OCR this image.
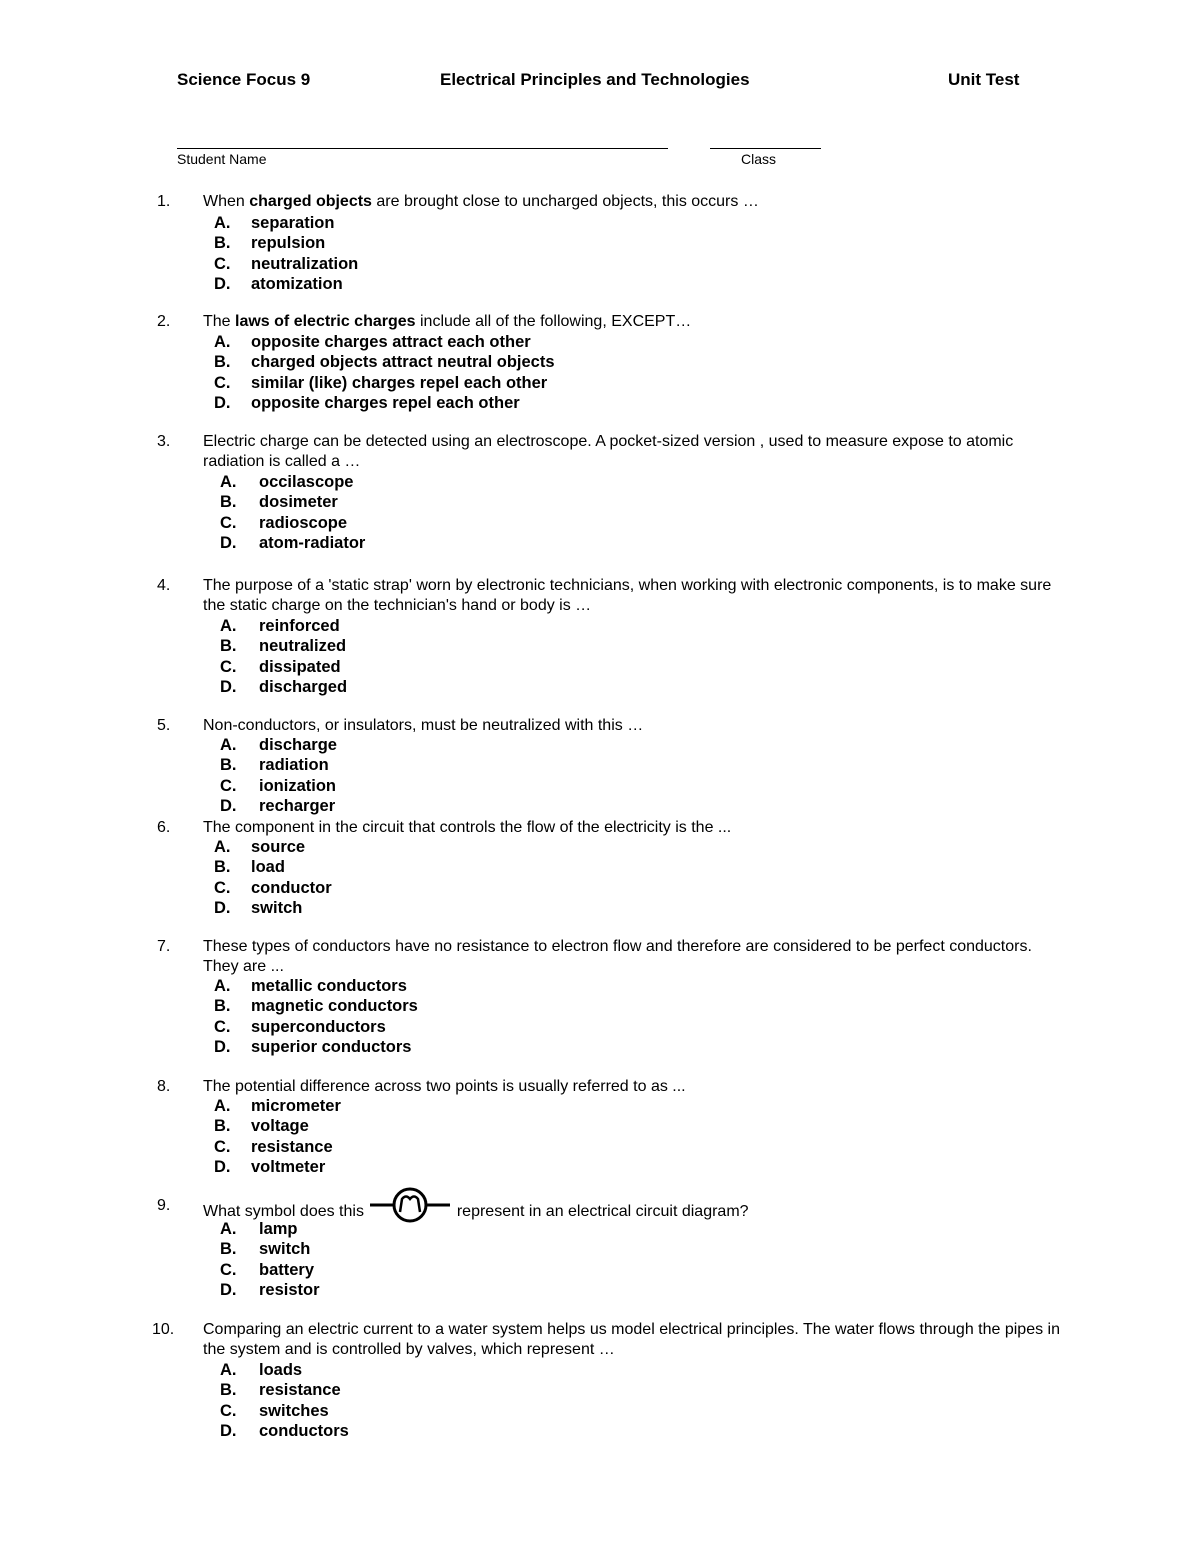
Science Focus 9	Electrical Principles and Technologies	Unit Test
Student Name	Class
1. When charged objects are brought close to uncharged objects, this occurs …
A. separation
B. repulsion
C. neutralization
D. atomization
2. The laws of electric charges include all of the following, EXCEPT…
A. opposite charges attract each other
B. charged objects attract neutral objects
C. similar (like) charges repel each other
D. opposite charges repel each other
3. Electric charge can be detected using an electroscope. A pocket-sized version , used to measure expose to atomic radiation is called a …
A. occilascope
B. dosimeter
C. radioscope
D. atom-radiator
4. The purpose of a 'static strap' worn by electronic technicians, when working with electronic components, is to make sure the static charge on the technician's hand or body is …
A. reinforced
B. neutralized
C. dissipated
D. discharged
5. Non-conductors, or insulators, must be neutralized with this …
A. discharge
B. radiation
C. ionization
D. recharger
6. The component in the circuit that controls the flow of the electricity is the ...
A. source
B. load
C. conductor
D. switch
7. These types of conductors have no resistance to electron flow and therefore are considered to be perfect conductors. They are ...
A. metallic conductors
B. magnetic conductors
C. superconductors
D. superior conductors
8. The potential difference across two points is usually referred to as ...
A. micrometer
B. voltage
C. resistance
D. voltmeter
9. What symbol does this	represent in an electrical circuit diagram?
A. lamp
B. switch
C. battery
D. resistor
10. Comparing an electric current to a water system helps us model electrical principles. The water flows through the pipes in the system and is controlled by valves, which represent …
A. loads
B. resistance
C. switches
D. conductors
